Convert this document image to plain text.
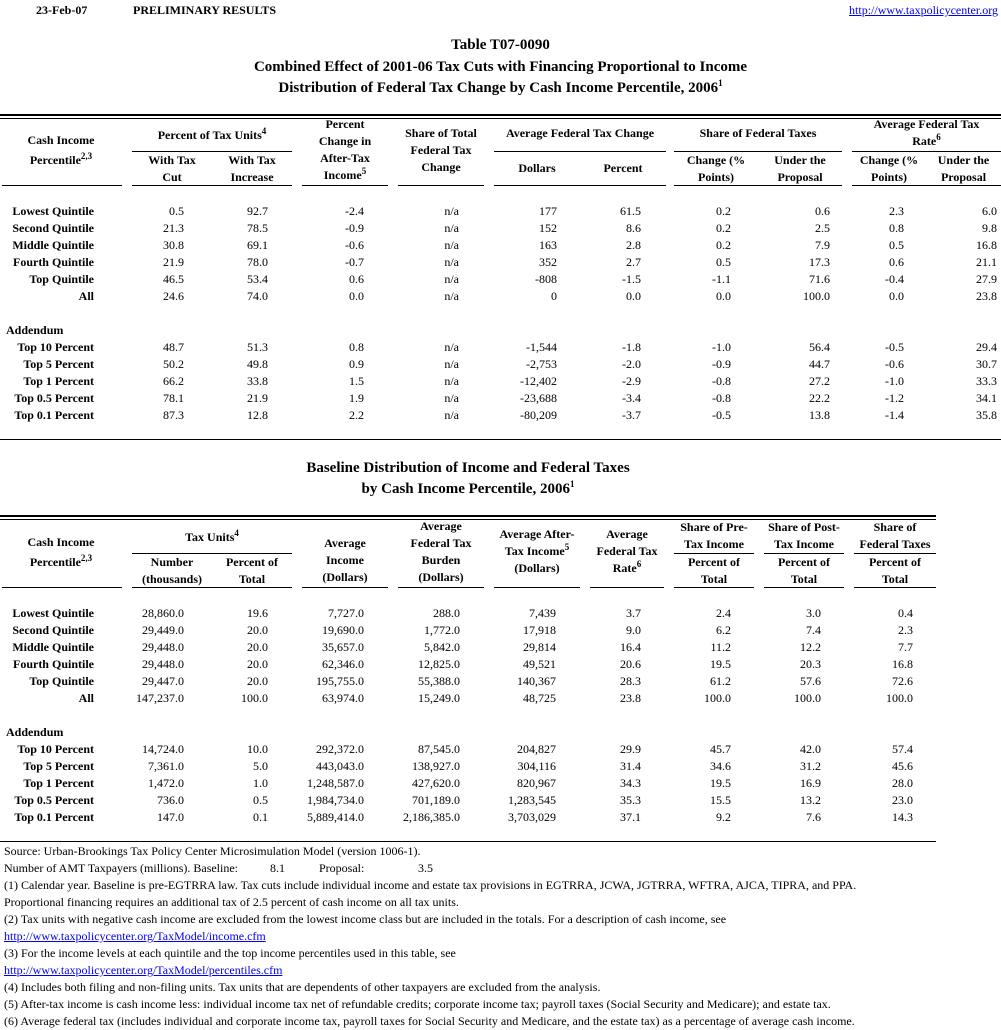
23-Feb-07	PRELIMINARY RESULTS	http://www.taxpolicycenter.org
Table T07-0090
Combined Effect of 2001-06 Tax Cuts with Financing Proportional to Income
Distribution of Federal Tax Change by Cash Income Percentile, 2006$^1$
Cash Income
Percentile$^{2,3}$
Percent of Tax Units$^4$
With Tax
Cut
With Tax
Increase
Percent
Change in
After-Tax
Income$^5$
Share of Total
Federal Tax
Change
Average Federal Tax Change
Dollars	Percent
Share of Federal Taxes
Change (%
Points)
Under the
Proposal
Average Federal Tax
Rate$^6$
Change (%
Points)
Under the
Proposal
Lowest Quintile	0.5	92.7	-2.4	n/a	177	61.5	0.2	0.6	2.3	6.0
Second Quintile	21.3	78.5	-0.9	n/a	152	8.6	0.2	2.5	0.8	9.8
Middle Quintile	30.8	69.1	-0.6	n/a	163	2.8	0.2	7.9	0.5	16.8
Fourth Quintile	21.9	78.0	-0.7	n/a	352	2.7	0.5	17.3	0.6	21.1
Top Quintile	46.5	53.4	0.6	n/a	-808	-1.5	-1.1	71.6	-0.4	27.9
All	24.6	74.0	0.0	n/a	0	0.0	0.0	100.0	0.0	23.8
Addendum
Top 10 Percent	48.7	51.3	0.8	n/a	-1,544	-1.8	-1.0	56.4	-0.5	29.4
Top 5 Percent	50.2	49.8	0.9	n/a	-2,753	-2.0	-0.9	44.7	-0.6	30.7
Top 1 Percent	66.2	33.8	1.5	n/a	-12,402	-2.9	-0.8	27.2	-1.0	33.3
Top 0.5 Percent	78.1	21.9	1.9	n/a	-23,688	-3.4	-0.8	22.2	-1.2	34.1
Top 0.1 Percent	87.3	12.8	2.2	n/a	-80,209	-3.7	-0.5	13.8	-1.4	35.8
Baseline Distribution of Income and Federal Taxes
by Cash Income Percentile, 2006$^1$
Cash Income
Percentile$^{2,3}$
Tax Units$^4$
Number
(thousands)
Percent of
Total
Average
Income
(Dollars)
Average
Federal Tax
Burden
(Dollars)
Average After-
Tax Income$^5$
(Dollars)
Average
Federal Tax
Rate$^6$
Share of Pre-
Tax Income
Percent of
Total
Share of Post-
Tax Income
Percent of
Total
Share of
Federal Taxes
Percent of
Total
Lowest Quintile	28,860.0	19.6	7,727.0	288.0	7,439	3.7	2.4	3.0	0.4
Second Quintile	29,449.0	20.0	19,690.0	1,772.0	17,918	9.0	6.2	7.4	2.3
Middle Quintile	29,448.0	20.0	35,657.0	5,842.0	29,814	16.4	11.2	12.2	7.7
Fourth Quintile	29,448.0	20.0	62,346.0	12,825.0	49,521	20.6	19.5	20.3	16.8
Top Quintile	29,447.0	20.0	195,755.0	55,388.0	140,367	28.3	61.2	57.6	72.6
All	147,237.0	100.0	63,974.0	15,249.0	48,725	23.8	100.0	100.0	100.0
Addendum
Top 10 Percent	14,724.0	10.0	292,372.0	87,545.0	204,827	29.9	45.7	42.0	57.4
Top 5 Percent	7,361.0	5.0	443,043.0	138,927.0	304,116	31.4	34.6	31.2	45.6
Top 1 Percent	1,472.0	1.0	1,248,587.0	427,620.0	820,967	34.3	19.5	16.9	28.0
Top 0.5 Percent	736.0	0.5	1,984,734.0	701,189.0	1,283,545	35.3	15.5	13.2	23.0
Top 0.1 Percent	147.0	0.1	5,889,414.0	2,186,385.0	3,703,029	37.1	9.2	7.6	14.3
Source: Urban-Brookings Tax Policy Center Microsimulation Model (version 1006-1).
Number of AMT Taxpayers (millions). Baseline:	8.1	Proposal:	3.5
(1) Calendar year. Baseline is pre-EGTRRA law. Tax cuts include individual income and estate tax provisions in EGTRRA, JCWA, JGTRRA, WFTRA, AJCA, TIPRA, and PPA.
Proportional financing requires an additional tax of 2.5 percent of cash income on all tax units.
(2) Tax units with negative cash income are excluded from the lowest income class but are included in the totals. For a description of cash income, see
http://www.taxpolicycenter.org/TaxModel/income.cfm
(3) For the income levels at each quintile and the top income percentiles used in this table, see
http://www.taxpolicycenter.org/TaxModel/percentiles.cfm
(4) Includes both filing and non-filing units. Tax units that are dependents of other taxpayers are excluded from the analysis.
(5) After-tax income is cash income less: individual income tax net of refundable credits; corporate income tax; payroll taxes (Social Security and Medicare); and estate tax.
(6) Average federal tax (includes individual and corporate income tax, payroll taxes for Social Security and Medicare, and the estate tax) as a percentage of average cash income.
